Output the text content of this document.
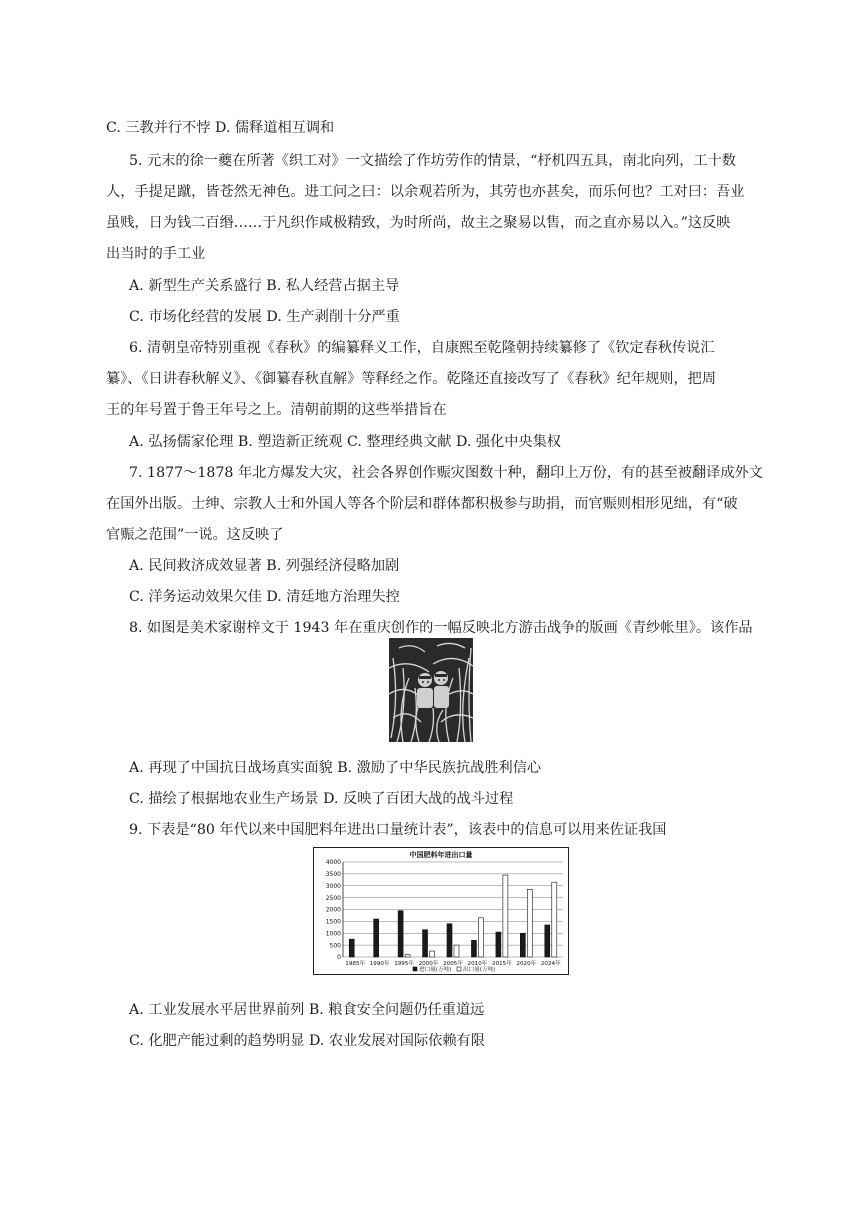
C. 三教并行不悖 D. 儒释道相互调和
5. 元末的徐一夔在所著《织工对》一文描绘了作坊劳作的情景，“杼机四五具，南北向列，工十数
人，手提足蹴，皆苍然无神色。进工问之曰：以余观若所为，其劳也亦甚矣，而乐何也？工对曰：吾业
虽贱，日为钱二百缗……于凡织作咸极精致，为时所尚，故主之聚易以售，而之直亦易以入。”这反映
出当时的手工业
A. 新型生产关系盛行 B. 私人经营占据主导
C. 市场化经营的发展 D. 生产剥削十分严重
6. 清朝皇帝特别重视《春秋》的编纂释义工作，自康熙至乾隆朝持续纂修了《钦定春秋传说汇
纂》、《日讲春秋解义》、《御纂春秋直解》等释经之作。乾隆还直接改写了《春秋》纪年规则，把周
王的年号置于鲁王年号之上。清朝前期的这些举措旨在
A. 弘扬儒家伦理 B. 塑造新正统观 C. 整理经典文献 D. 强化中央集权
7. 1877～1878 年北方爆发大灾，社会各界创作赈灾图数十种，翻印上万份，有的甚至被翻译成外文
在国外出版。士绅、宗教人士和外国人等各个阶层和群体都积极参与助捐，而官赈则相形见绌，有“破
官赈之范围”一说。这反映了
A. 民间救济成效显著 B. 列强经济侵略加剧
C. 洋务运动效果欠佳 D. 清廷地方治理失控
8. 如图是美术家谢梓文于 1943 年在重庆创作的一幅反映北方游击战争的版画《青纱帐里》。该作品
A. 再现了中国抗日战场真实面貌 B. 激励了中华民族抗战胜利信心
C. 描绘了根据地农业生产场景 D. 反映了百团大战的战斗过程
9. 下表是“80 年代以来中国肥料年进出口量统计表”，该表中的信息可以用来佐证我国
中国肥料年进出口量
0
500
1000
1500
2000
2500
3000
3500
4000
1985年 1990年 1995年 2000年 2005年 2010年 2015年 2020年 2024年
进口量(万吨) 出口量(万吨)
A. 工业发展水平居世界前列 B. 粮食安全问题仍任重道远
C. 化肥产能过剩的趋势明显 D. 农业发展对国际依赖有限
